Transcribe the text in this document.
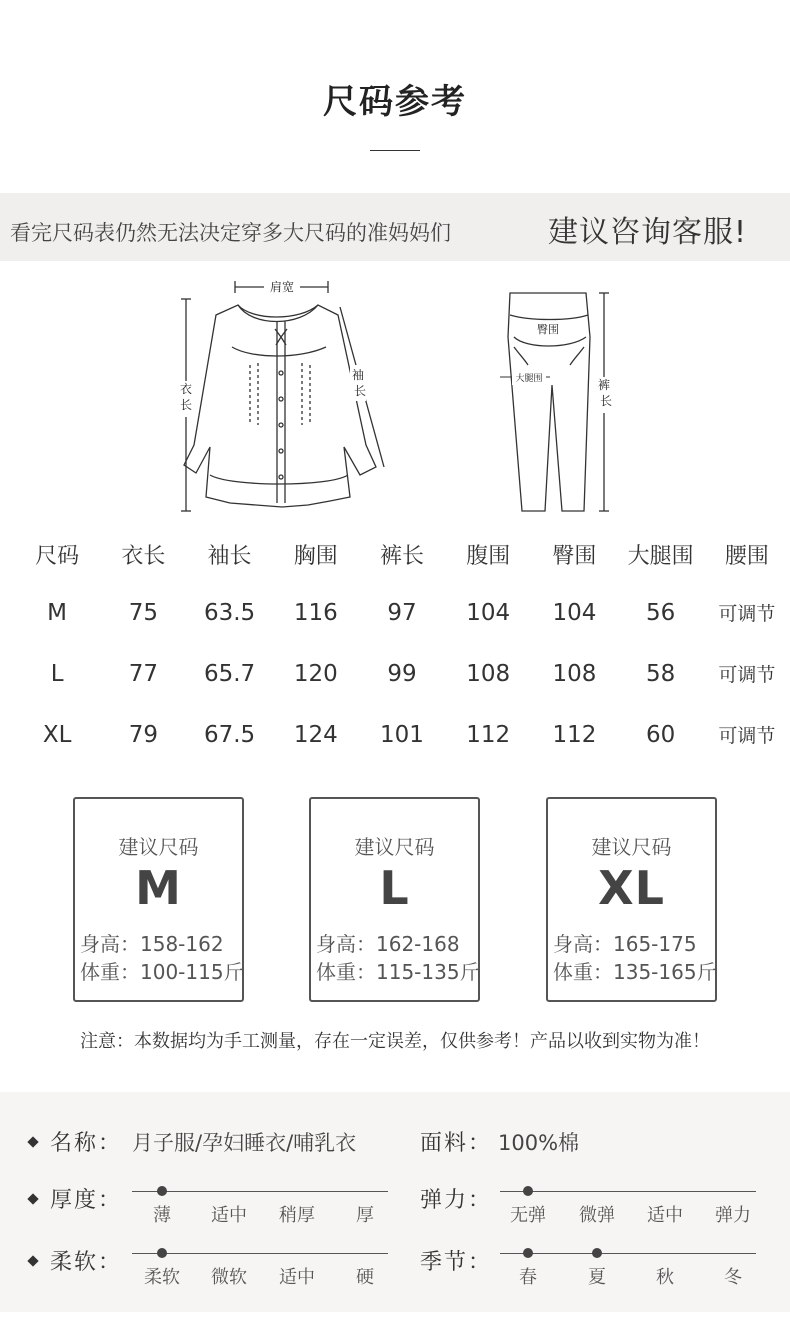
尺码参考
看完尺码表仍然无法决定穿多大尺码的准妈妈们	建议咨询客服!
肩宽
衣
长
袖
长
臀围
大腿围	裤
长
尺码	衣长	袖长	胸围	裤长	腹围	臀围	大腿围	腰围
M	75	63.5	116	97	104	104	56	可调节
L	77	65.7	120	99	108	108	58	可调节
XL	79	67.5	124	101	112	112	60	可调节
建议尺码
M
身高：158-162
体重：100-115斤
建议尺码
L
身高：162-168
体重：115-135斤
建议尺码
XL
身高：165-175
体重：135-165斤
注意：本数据均为手工测量，存在一定误差，仅供参考！产品以收到实物为准！
名称： 月子服/孕妇睡衣/哺乳衣	面料： 100%棉
厚度：
薄	适中	稍厚	厚
弹力：
无弹	微弹	适中	弹力
柔软：
柔软	微软	适中	硬
季节：
春	夏	秋	冬
